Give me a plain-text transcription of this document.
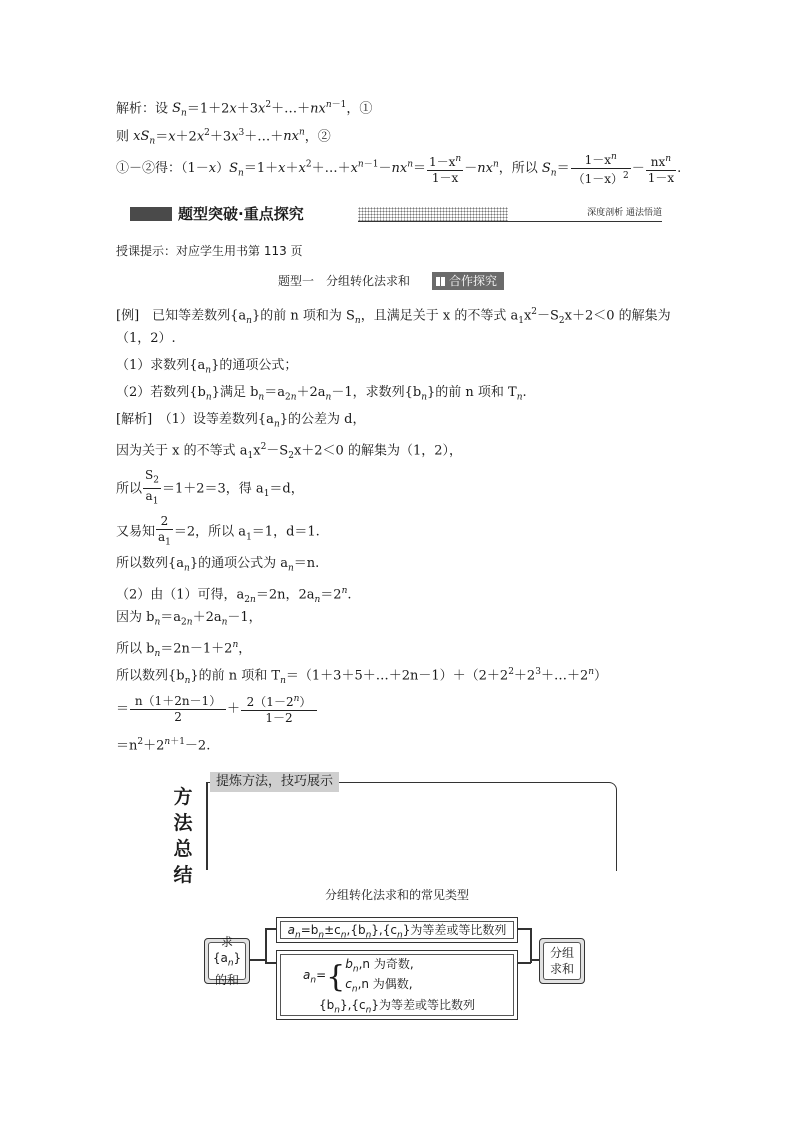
解析：设 $S_n=1+2x+3x^2+\dots+nx^{n-1}$，①
则 $xS_n=x+2x^2+3x^3+\dots+nx^n$，②
①－②得：$(1-x)S_n=1+x+x^2+\dots+x^{n-1}-nx^n= \frac{1-x^n}{1-x} -nx^n$，所以 $S_n= \frac{1-x^n}{(1-x)^2} - \frac{nx^n}{1-x}$ .
题型突破·重点探究	深度剖析 通法悟道
授课提示：对应学生用书第 113 页
题型一　分组转化法求和	合作探究
[例]　已知等差数列$\{a_n\}$的前 n 项和为 $S_n$，且满足关于 x 的不等式 $a_1x^2-S_2x+2<0$ 的解集为
（1，2）.
（1）求数列$\{a_n\}$的通项公式；
（2）若数列$\{b_n\}$满足 $b_n=a_{2n}+2a_n-1$，求数列$\{b_n\}$的前 n 项和 $T_n$.
[解析]　（1）设等差数列$\{a_n\}$的公差为 d，
因为关于 x 的不等式 $a_1x^2-S_2x+2<0$ 的解集为（1，2），
所以 $\frac{S_2}{a_1} =1+2=3$，得 $a_1=d$，
又易知 $\frac{2}{a_1} =2$，所以 $a_1=1$，d＝1.
所以数列$\{a_n\}$的通项公式为 $a_n=n$.
（2）由（1）可得，$a_{2n}=2n$，$2a_n=2^n$.
因为 $b_n=a_{2n}+2a_n-1$，
所以 $b_n=2n-1+2^n$，
所以数列$\{b_n\}$的前 n 项和 $T_n=(1+3+5+\dots+2n-1)+(2+2^2+2^3+\dots+2^n)$
＝ $\frac{n(1+2n-1)}{2} + \frac{2(1-2^n)}{1-2}$
$=n^2+2^{n+1}-2$.
方
法
总
结
提炼方法，技巧展示
分组转化法求和的常见类型
求$\{a_n\}$
的和
$a_n=b_n\pm c_n,\{b_n\},\{c_n\}$为等差或等比数列
$a_n=\{b_n,n$ 为奇数,
$c_n,n$ 为偶数,
$\{b_n\},\{c_n\}$为等差或等比数列
分组
求和
